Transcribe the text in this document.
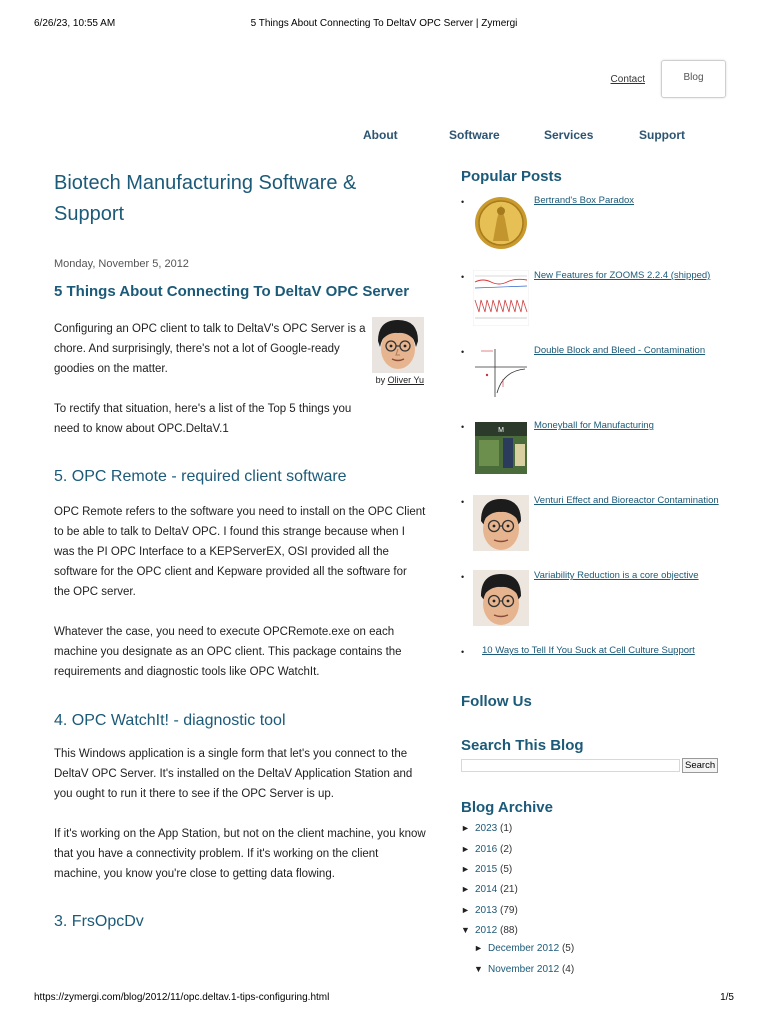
6/26/23, 10:55 AM	5 Things About Connecting To DeltaV OPC Server | Zymergi
Contact	Blog
About	Software	Services	Support
Biotech Manufacturing Software & Support
Monday, November 5, 2012
5 Things About Connecting To DeltaV OPC Server

Configuring an OPC client to talk to DeltaV's OPC Server is a chore. And surprisingly, there's not a lot of Google-ready goodies on the matter.

by Oliver Yu

To rectify that situation, here's a list of the Top 5 things you need to know about OPC.DeltaV.1

5. OPC Remote - required client software

OPC Remote refers to the software you need to install on the OPC Client to be able to talk to DeltaV OPC. I found this strange because when I was the PI OPC Interface to a KEPServerEX, OSI provided all the software for the OPC client and Kepware provided all the software for the OPC server.

Whatever the case, you need to execute OPCRemote.exe on each machine you designate as an OPC client. This package contains the requirements and diagnostic tools like OPC WatchIt.

4. OPC WatchIt! - diagnostic tool

This Windows application is a single form that let's you connect to the DeltaV OPC Server. It's installed on the DeltaV Application Station and you ought to run it there to see if the OPC Server is up.

If it's working on the App Station, but not on the client machine, you know that you have a connectivity problem. If it's working on the client machine, you know you're close to getting data flowing.

3. FrsOpcDv
Popular Posts
•	Bertrand's Box Paradox
•	New Features for ZOOMS 2.2.4 (shipped)
•	Double Block and Bleed - Contamination
•	M	Moneyball for Manufacturing
•	Venturi Effect and Bioreactor Contamination
•	Variability Reduction is a core objective
• 10 Ways to Tell If You Suck at Cell Culture Support
Follow Us
Search This Blog
Search
Blog Archive
► 2023 (1)
► 2016 (2)
► 2015 (5)
► 2014 (21)
► 2013 (79)
▼ 2012 (88)
► December 2012 (5)
▼ November 2012 (4)
https://zymergi.com/blog/2012/11/opc.deltav.1-tips-configuring.html	1/5
